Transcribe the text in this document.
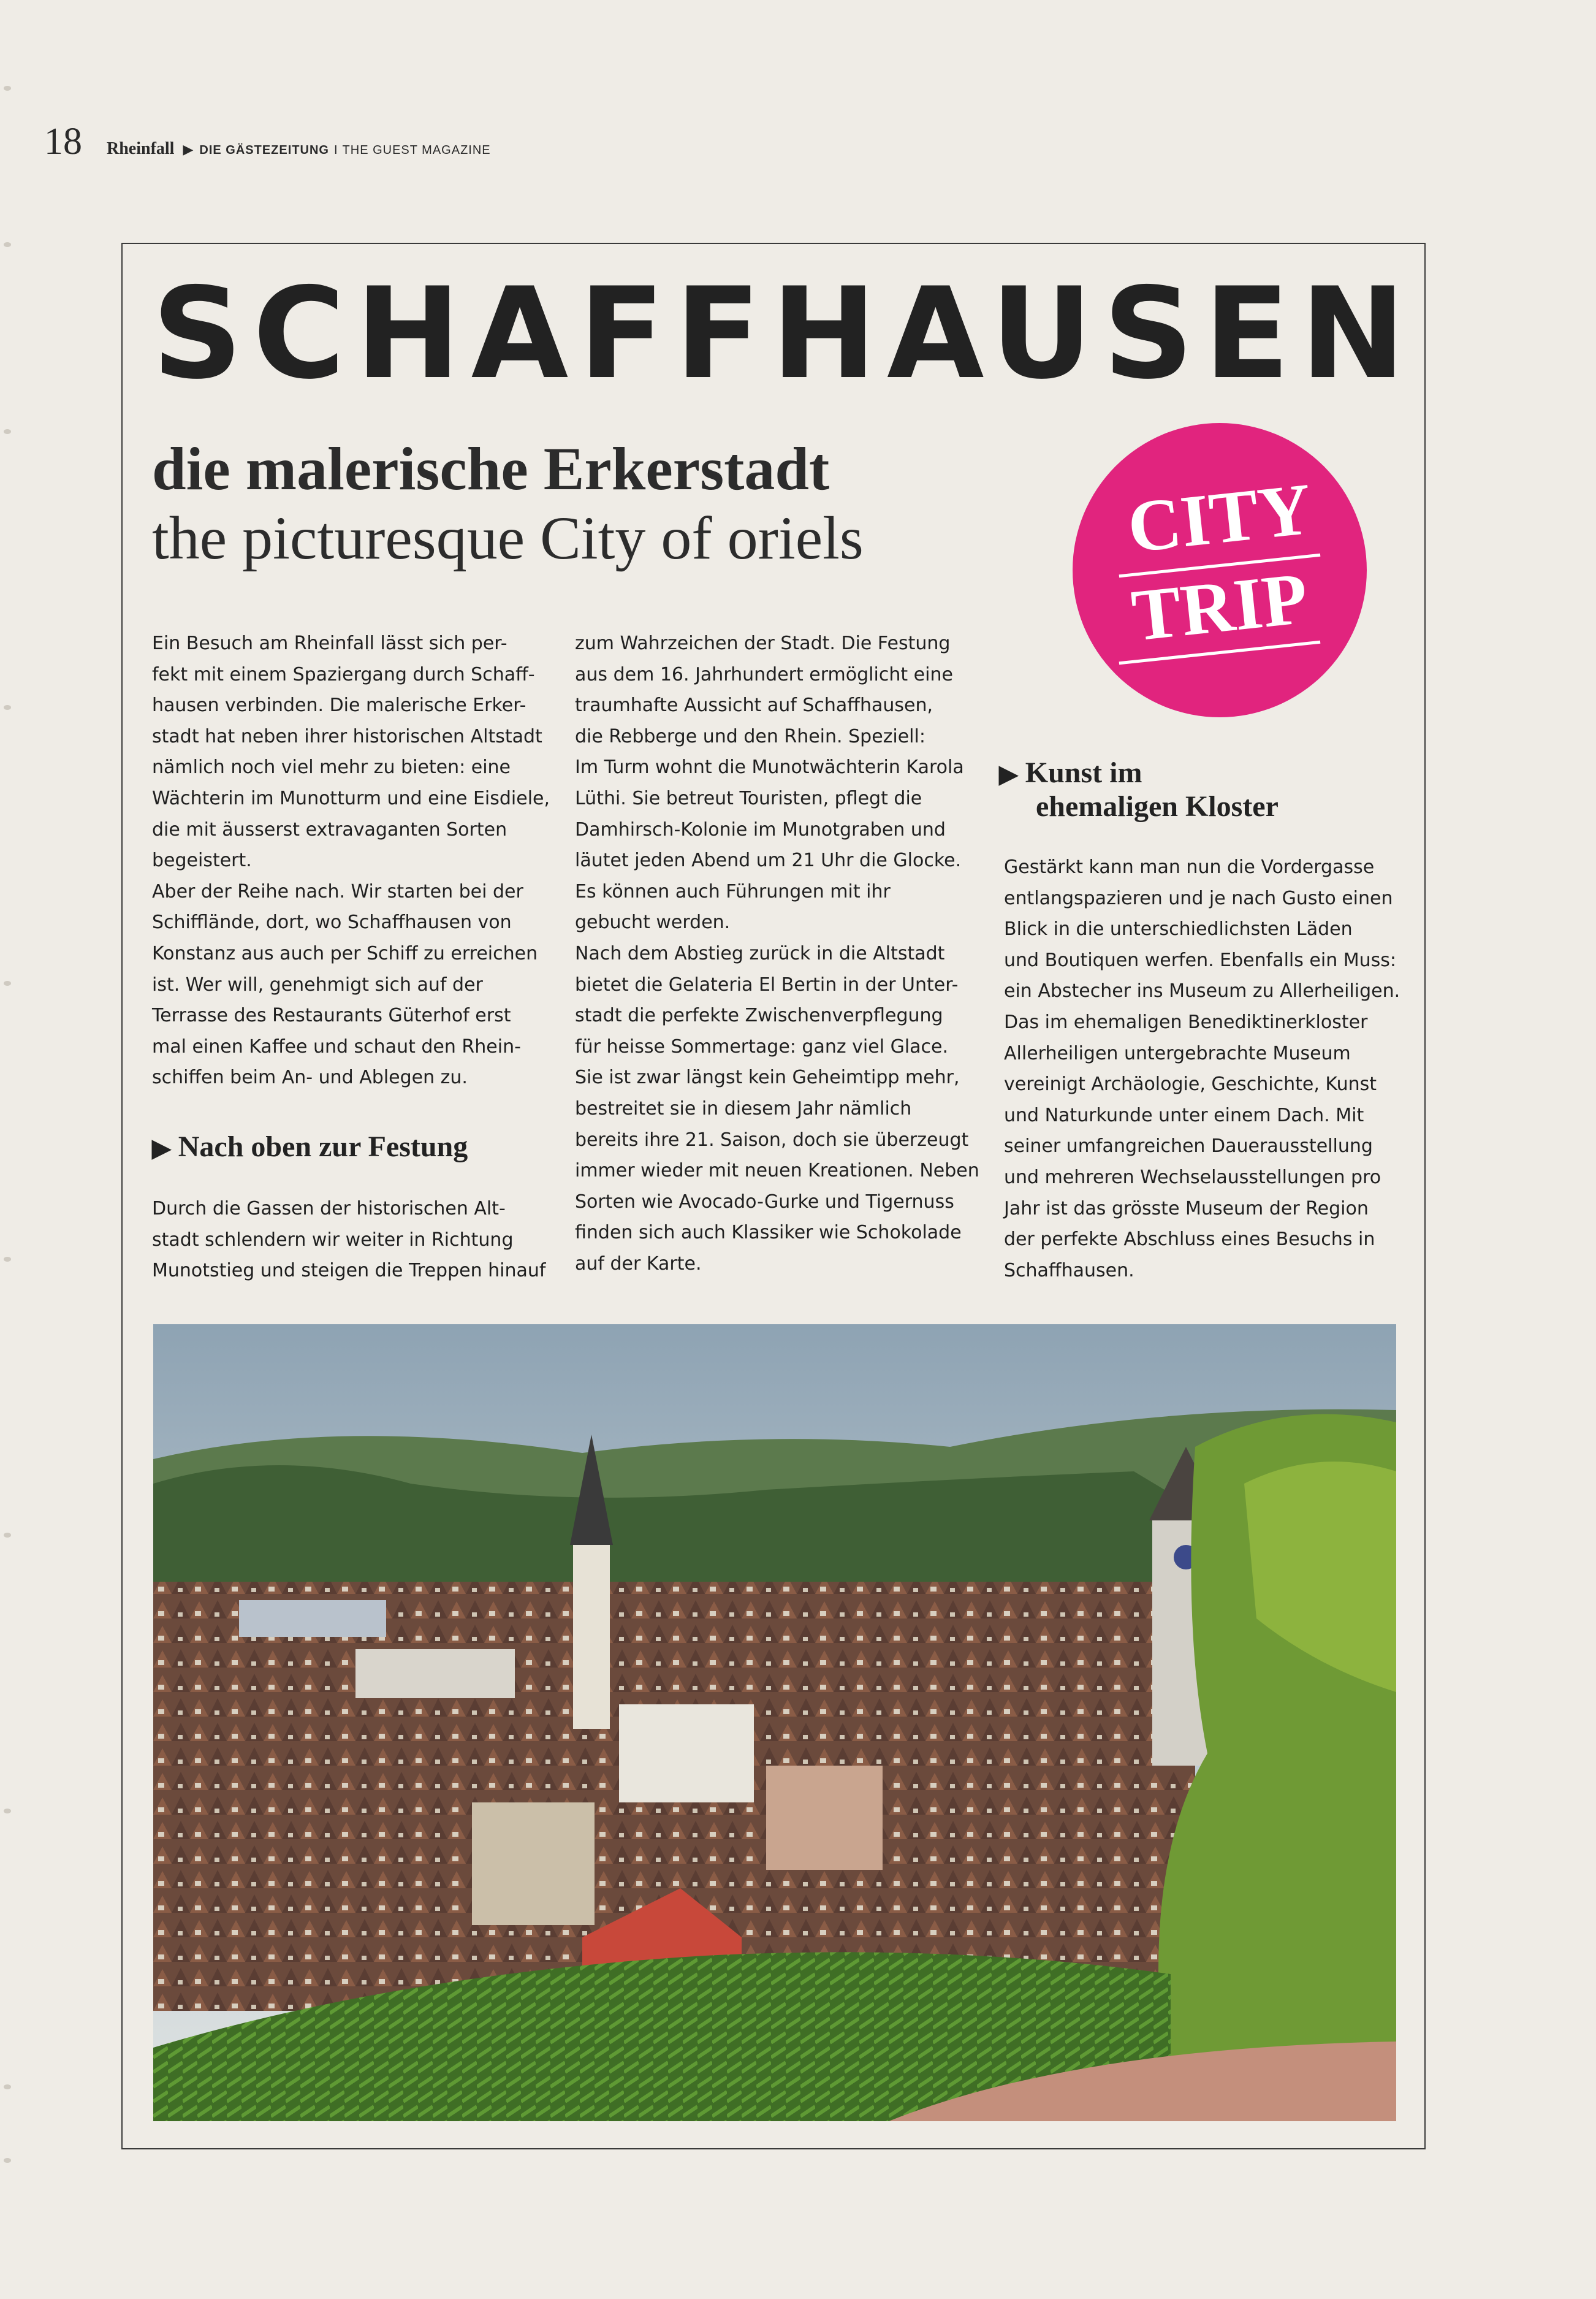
18 Rheinfall ▶ DIE GÄSTEZEITUNG I THE GUEST MAGAZINE
SCHAFFHAUSEN

die malerische Erkerstadt

the picturesque City of oriels	CITY
TRIP

Ein Besuch am Rheinfall lässt sich per-

fekt mit einem Spaziergang durch Schaff-

hausen verbinden. Die malerische Erker-

stadt hat neben ihrer historischen Altstadt

nämlich noch viel mehr zu bieten: eine

Wächterin im Munotturm und eine Eisdiele,

die mit äusserst extravaganten Sorten

begeistert.

Aber der Reihe nach. Wir starten bei der

Schifflände, dort, wo Schaffhausen von

Konstanz aus auch per Schiff zu erreichen

ist. Wer will, genehmigt sich auf der

Terrasse des Restaurants Güterhof erst

mal einen Kaffee und schaut den Rhein-

schiffen beim An- und Ablegen zu.

▶ Nach oben zur Festung

Durch die Gassen der historischen Alt-

stadt schlendern wir weiter in Richtung

Munotstieg und steigen die Treppen hinauf

zum Wahrzeichen der Stadt. Die Festung

aus dem 16. Jahrhundert ermöglicht eine

traumhafte Aussicht auf Schaffhausen,

die Rebberge und den Rhein. Speziell:

Im Turm wohnt die Munotwächterin Karola

Lüthi. Sie betreut Touristen, pflegt die

Damhirsch-Kolonie im Munotgraben und

läutet jeden Abend um 21 Uhr die Glocke.

Es können auch Führungen mit ihr

gebucht werden.

Nach dem Abstieg zurück in die Altstadt

bietet die Gelateria El Bertin in der Unter-

stadt die perfekte Zwischenverpflegung

für heisse Sommertage: ganz viel Glace.

Sie ist zwar längst kein Geheimtipp mehr,

bestreitet sie in diesem Jahr nämlich

bereits ihre 21. Saison, doch sie überzeugt

immer wieder mit neuen Kreationen. Neben

Sorten wie Avocado-Gurke und Tigernuss

finden sich auch Klassiker wie Schokolade

auf der Karte.

▶ Kunst im
ehemaligen Kloster

Gestärkt kann man nun die Vordergasse

entlangspazieren und je nach Gusto einen

Blick in die unterschiedlichsten Läden

und Boutiquen werfen. Ebenfalls ein Muss:

ein Abstecher ins Museum zu Allerheiligen.

Das im ehemaligen Benediktinerkloster

Allerheiligen untergebrachte Museum

vereinigt Archäologie, Geschichte, Kunst

und Naturkunde unter einem Dach. Mit

seiner umfangreichen Dauerausstellung

und mehreren Wechselausstellungen pro

Jahr ist das grösste Museum der Region

der perfekte Abschluss eines Besuchs in

Schaffhausen.
